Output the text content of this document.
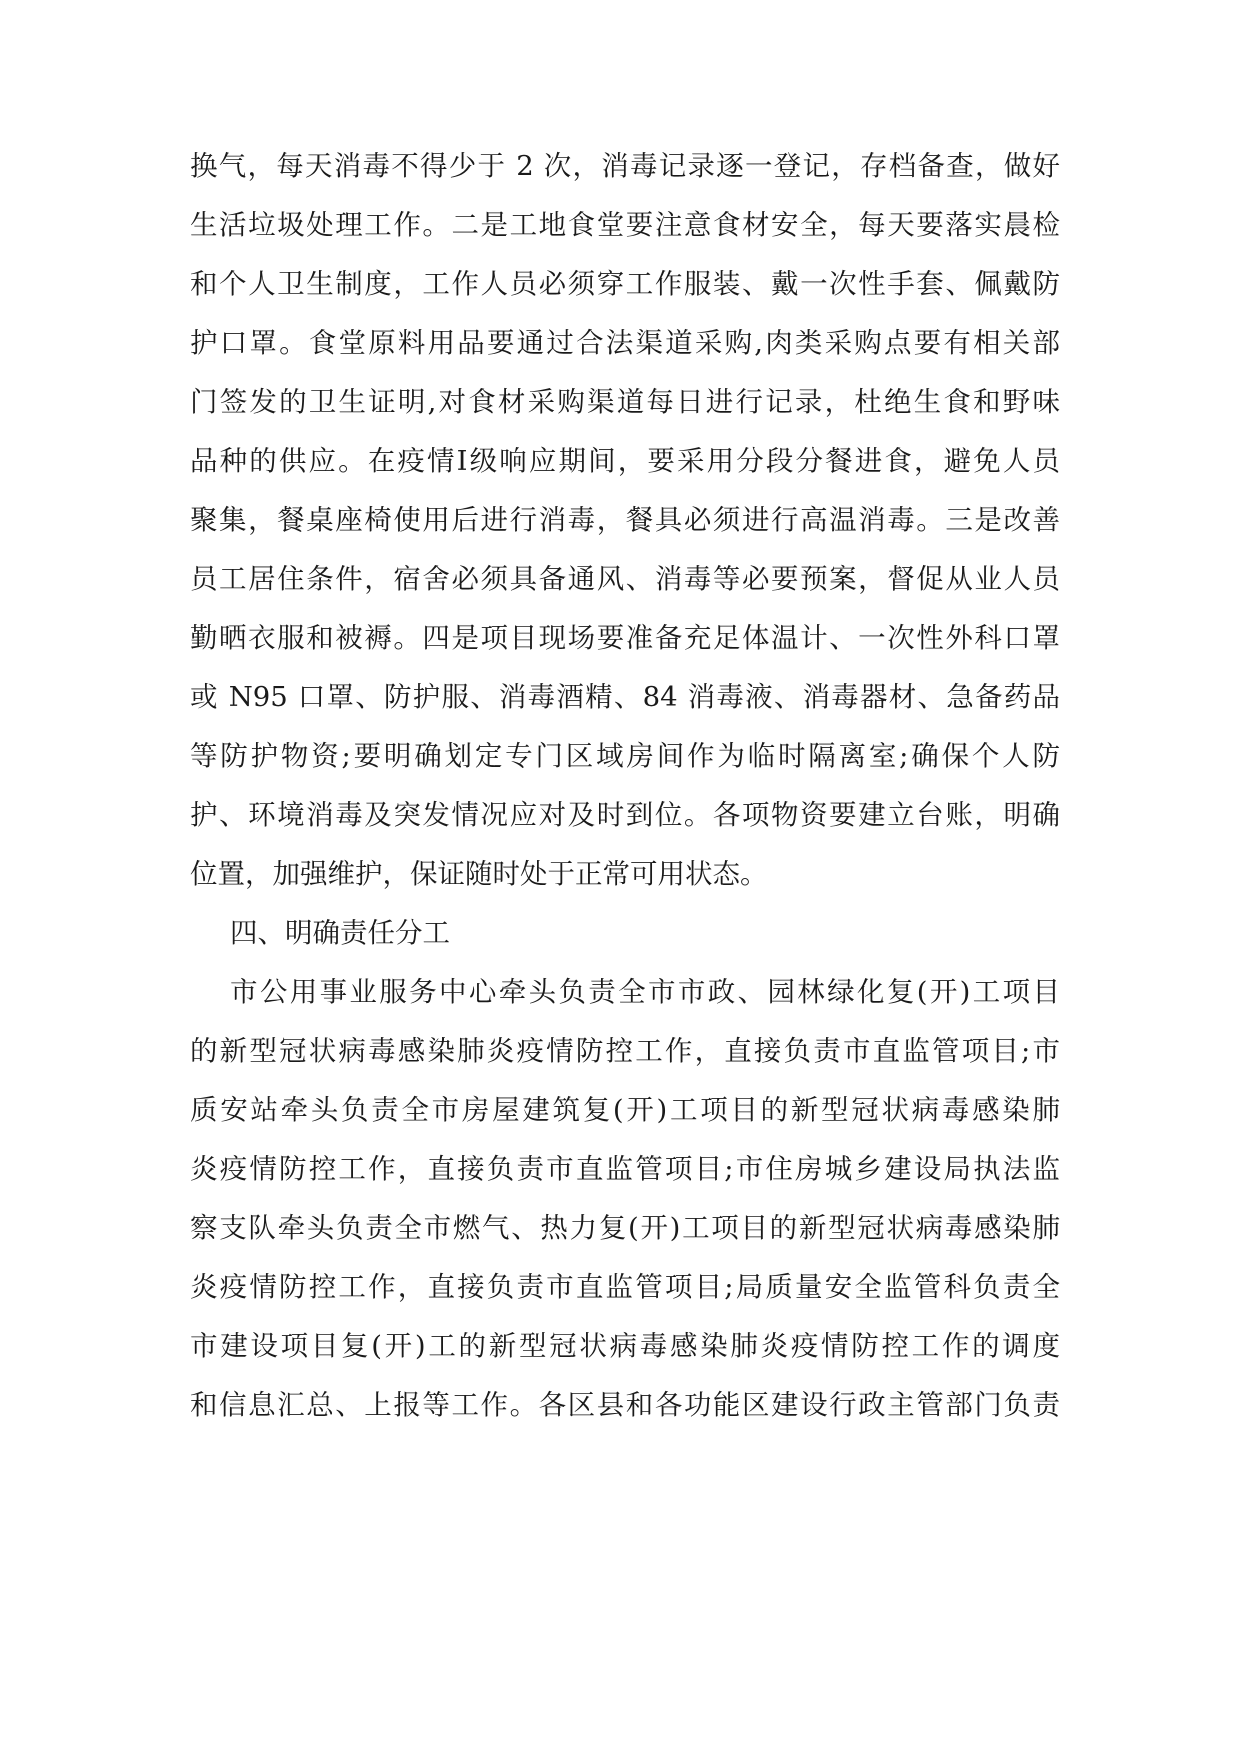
换气，每天消毒不得少于 2 次，消毒记录逐一登记，存档备查，做好
生活垃圾处理工作。二是工地食堂要注意食材安全，每天要落实晨检
和个人卫生制度，工作人员必须穿工作服装、戴一次性手套、佩戴防
护口罩。食堂原料用品要通过合法渠道采购,肉类采购点要有相关部
门签发的卫生证明,对食材采购渠道每日进行记录，杜绝生食和野味
品种的供应。在疫情Ⅰ级响应期间，要采用分段分餐进食，避免人员
聚集，餐桌座椅使用后进行消毒，餐具必须进行高温消毒。三是改善
员工居住条件，宿舍必须具备通风、消毒等必要预案，督促从业人员
勤晒衣服和被褥。四是项目现场要准备充足体温计、一次性外科口罩
或 N95 口罩、防护服、消毒酒精、84 消毒液、消毒器材、急备药品
等防护物资;要明确划定专门区域房间作为临时隔离室;确保个人防
护、环境消毒及突发情况应对及时到位。各项物资要建立台账，明确
位置，加强维护，保证随时处于正常可用状态。
四、明确责任分工
市公用事业服务中心牵头负责全市市政、园林绿化复(开)工项目
的新型冠状病毒感染肺炎疫情防控工作，直接负责市直监管项目;市
质安站牵头负责全市房屋建筑复(开)工项目的新型冠状病毒感染肺
炎疫情防控工作，直接负责市直监管项目;市住房城乡建设局执法监
察支队牵头负责全市燃气、热力复(开)工项目的新型冠状病毒感染肺
炎疫情防控工作，直接负责市直监管项目;局质量安全监管科负责全
市建设项目复(开)工的新型冠状病毒感染肺炎疫情防控工作的调度
和信息汇总、上报等工作。各区县和各功能区建设行政主管部门负责
